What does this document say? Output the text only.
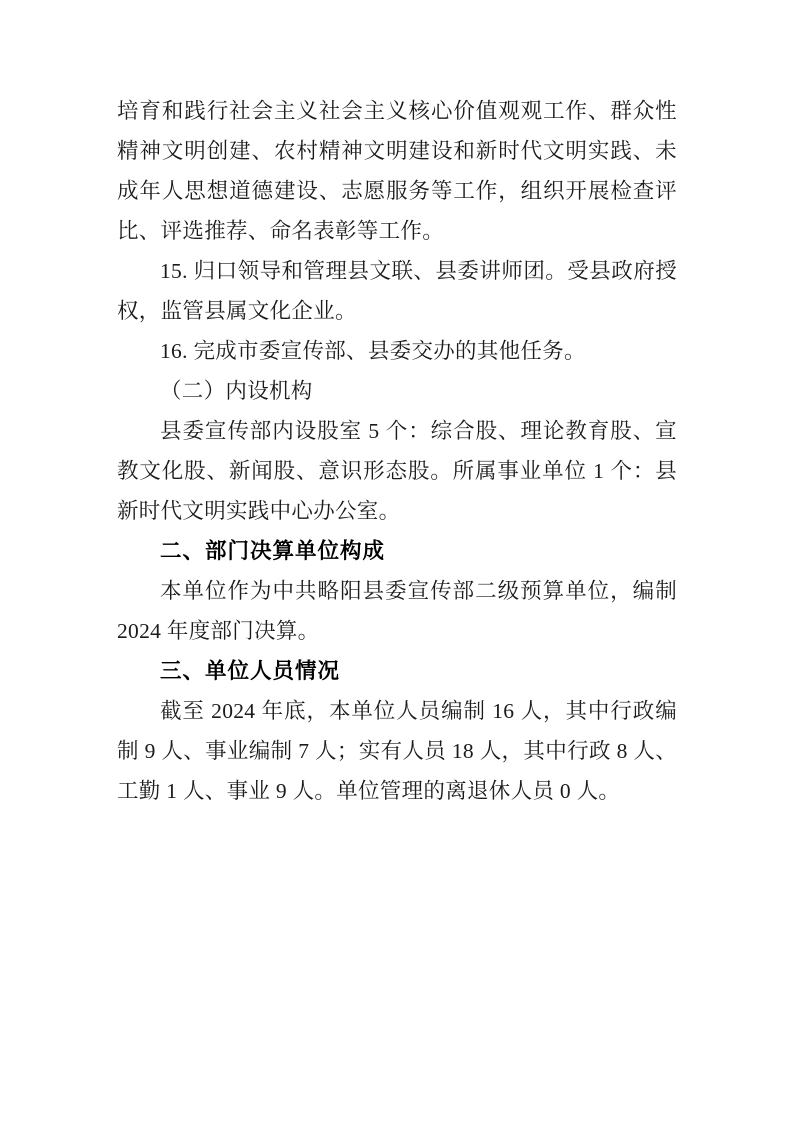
培育和践行社会主义社会主义核心价值观观工作、群众性精神文明创建、农村精神文明建设和新时代文明实践、未成年人思想道德建设、志愿服务等工作，组织开展检查评比、评选推荐、命名表彰等工作。

15. 归口领导和管理县文联、县委讲师团。受县政府授权，监管县属文化企业。

16. 完成市委宣传部、县委交办的其他任务。

（二）内设机构

县委宣传部内设股室 5 个：综合股、理论教育股、宣教文化股、新闻股、意识形态股。所属事业单位 1 个：县新时代文明实践中心办公室。

二、部门决算单位构成

本单位作为中共略阳县委宣传部二级预算单位，编制 2024 年度部门决算。

三、单位人员情况

截至 2024 年底，本单位人员编制 16 人，其中行政编制 9 人、事业编制 7 人；实有人员 18 人，其中行政 8 人、工勤 1 人、事业 9 人。单位管理的离退休人员 0 人。
